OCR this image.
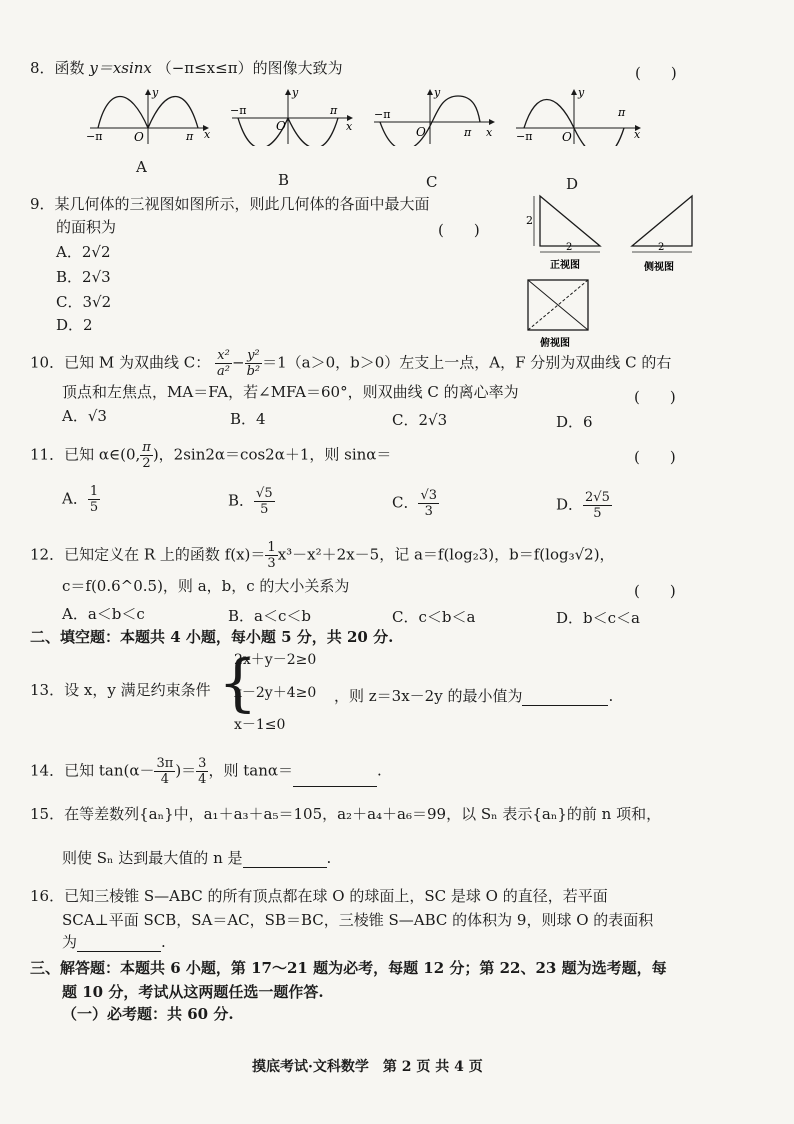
8．函数 y＝xsinx （−π≤x≤π）的图像大致为	(　　)
−π	π
O
y
x
−π	π
O
y
x
−π
π
O
y
x −π
π
O
y
x
A
B	C	D
9．某几何体的三视图如图所示，则此几何体的各面中最大面
的面积为	(　　)
A．2√2
B．2√3
C．3√2
D．2
2
2
正视图
2
侧视图
俯视图
10．已知 M 为双曲线 C： $\frac{\text{x²}}{\text{a²}} - \frac{\text{y²}}{\text{b²}} =1(a>0$，b＞0）左支上一点，A，F 分别为双曲线 C 的右
顶点和左焦点，MA＝FA，若∠MFA＝60°，则双曲线 C 的离心率为	(　　)
A．√3	B．4	C．2√3	D．6
11．已知 α∈(0, $\frac{\pi}{2}$ )，2sin2α＝cos2α＋1，则 sinα＝	(　　)
A． $\frac{1}{5}$	B． $\frac{√5}{5}$	C． $\frac{√3}{3}$	D． $\frac{2√5}{5}$
12．已知定义在 R 上的函数 $f(x)= \frac{1}{3} x^3-x^2+2x-5$，记 a＝f(log₂3)，b＝f(log₃√2)，
c＝f(0.6^0.5)，则 a，b，c 的大小关系为	(　　)
A．a＜b＜c	B．a＜c＜b	C．c＜b＜a	D．b＜c＜a
二、填空题：本题共 4 小题，每小题 5 分，共 20 分.
13．设 x，y 满足约束条件 {
2x＋y－2≥0
x－2y＋4≥0
x－1≤0
，则 z＝3x－2y 的最小值为	.
14．已知 $\tan(\alpha- \frac{3\pi}{4}$ )＝ $\frac{3}{4}$ ，则 tanα＝	.
15．在等差数列{aₙ}中，a₁＋a₃＋a₅＝105，a₂＋a₄＋a₆＝99，以 Sₙ 表示{aₙ}的前 n 项和，
则使 Sₙ 达到最大值的 n 是	.
16．已知三棱锥 S—ABC 的所有顶点都在球 O 的球面上，SC 是球 O 的直径，若平面
SCA⊥平面 SCB，SA＝AC，SB＝BC，三棱锥 S—ABC 的体积为 9，则球 O 的表面积
为	.
三、解答题：本题共 6 小题，第 17～21 题为必考，每题 12 分；第 22、23 题为选考题，每
题 10 分，考试从这两题任选一题作答.
（一）必考题：共 60 分.
摸底考试·文科数学　第 2 页 共 4 页
